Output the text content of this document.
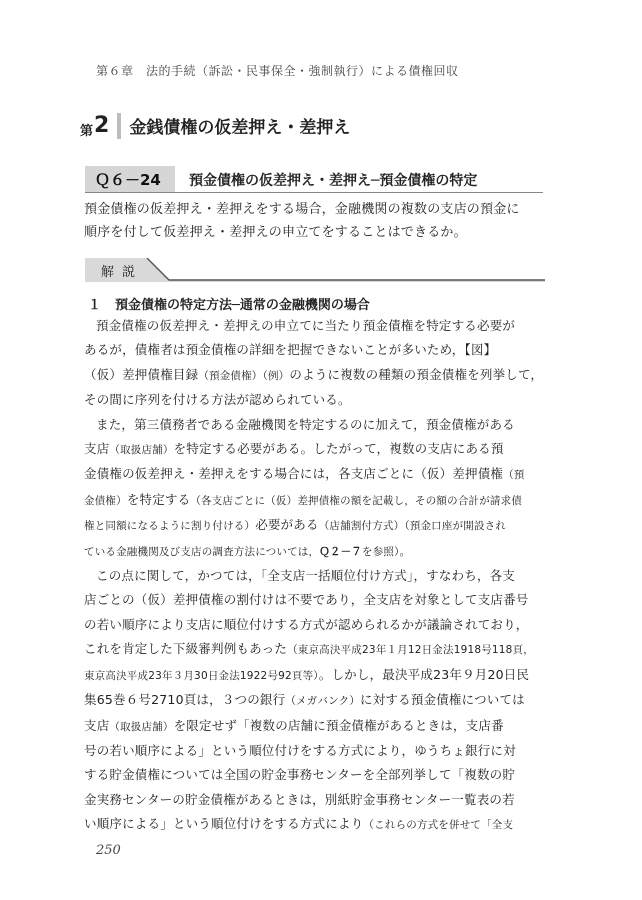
第６章　法的手続（訴訟・民事保全・強制執行）による債権回収
第 2 金銭債権の仮差押え・差押え
Ｑ６－24 預金債権の仮差押え・差押え─預金債権の特定

預金債権の仮差押え・差押えをする場合，金融機関の複数の支店の預金に

順序を付して仮差押え・差押えの申立てをすることはできるか。

解説
１ 預金債権の特定方法─通常の金融機関の場合

預金債権の仮差押え・差押えの申立てに当たり預金債権を特定する必要が

あるが，債権者は預金債権の詳細を把握できないことが多いため，【図】

（仮）差押債権目録（預金債権）（例）のように複数の種類の預金債権を列挙して，

その間に序列を付ける方法が認められている。

また，第三債務者である金融機関を特定するのに加えて，預金債権がある

支店（取扱店舗）を特定する必要がある。したがって，複数の支店にある預

金債権の仮差押え・差押えをする場合には，各支店ごとに（仮）差押債権（預

金債権）を特定する（各支店ごとに（仮）差押債権の額を記載し，その額の合計が請求債

権と同額になるように割り付ける）必要がある（店舗割付方式）（預金口座が開設され

ている金融機関及び支店の調査方法については，Ｑ２－７を参照）。

この点に関して，かつては，「全支店一括順位付け方式」，すなわち，各支

店ごとの（仮）差押債権の割付けは不要であり，全支店を対象として支店番号

の若い順序により支店に順位付けする方式が認められるかが議論されており，

これを肯定した下級審判例もあった（東京高決平成23年１月12日金法1918号118頁，

東京高決平成23年３月30日金法1922号92頁等）。しかし，最決平成23年９月20日民

集65巻６号2710頁は，３つの銀行（メガバンク）に対する預金債権については

支店（取扱店舗）を限定せず「複数の店舗に預金債権があるときは，支店番

号の若い順序による」という順位付けをする方式により，ゆうちょ銀行に対

する貯金債権については全国の貯金事務センターを全部列挙して「複数の貯

金実務センターの貯金債権があるときは，別紙貯金事務センター一覧表の若

い順序による」という順位付けをする方式により（これらの方式を併せて「全支

250
